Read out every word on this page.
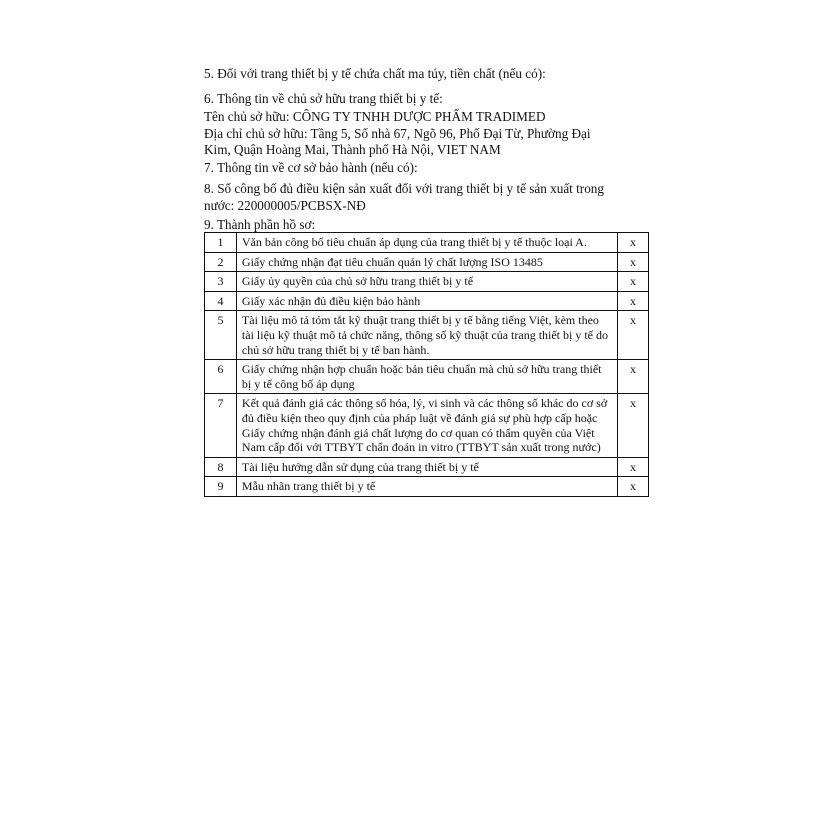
5. Đối với trang thiết bị y tế chứa chất ma túy, tiền chất (nếu có):

6. Thông tin về chủ sở hữu trang thiết bị y tế:

Tên chủ sở hữu: CÔNG TY TNHH DƯỢC PHẨM TRADIMED

Địa chỉ chủ sở hữu: Tầng 5, Số nhà 67, Ngõ 96, Phố Đại Từ, Phường Đại

Kim, Quận Hoàng Mai, Thành phố Hà Nội, VIET NAM

7. Thông tin về cơ sở bảo hành (nếu có):

8. Số công bố đủ điều kiện sản xuất đối với trang thiết bị y tế sản xuất trong

nước: 220000005/PCBSX-NĐ

9. Thành phần hồ sơ:

1	Văn bản công bố tiêu chuẩn áp dụng của trang thiết bị y tế thuộc loại A.	x
2	Giấy chứng nhận đạt tiêu chuẩn quản lý chất lượng ISO 13485	x
3	Giấy ủy quyền của chủ sở hữu trang thiết bị y tế	x
4	Giấy xác nhận đủ điều kiện bảo hành	x
5	Tài liệu mô tả tóm tắt kỹ thuật trang thiết bị y tế bằng tiếng Việt, kèm theo tài liệu kỹ thuật mô tả chức năng, thông số kỹ thuật của trang thiết bị y tế do chủ sở hữu trang thiết bị y tế ban hành.	x
6	Giấy chứng nhận hợp chuẩn hoặc bản tiêu chuẩn mà chủ sở hữu trang thiết bị y tế công bố áp dụng	x
7	Kết quả đánh giá các thông số hóa, lý, vi sinh và các thông số khác do cơ sở đủ điều kiện theo quy định của pháp luật về đánh giá sự phù hợp cấp hoặc Giấy chứng nhận đánh giá chất lượng do cơ quan có thẩm quyền của Việt Nam cấp đối với TTBYT chẩn đoán in vitro (TTBYT sản xuất trong nước)	x
8	Tài liệu hướng dẫn sử dụng của trang thiết bị y tế	x
9	Mẫu nhãn trang thiết bị y tế	x
